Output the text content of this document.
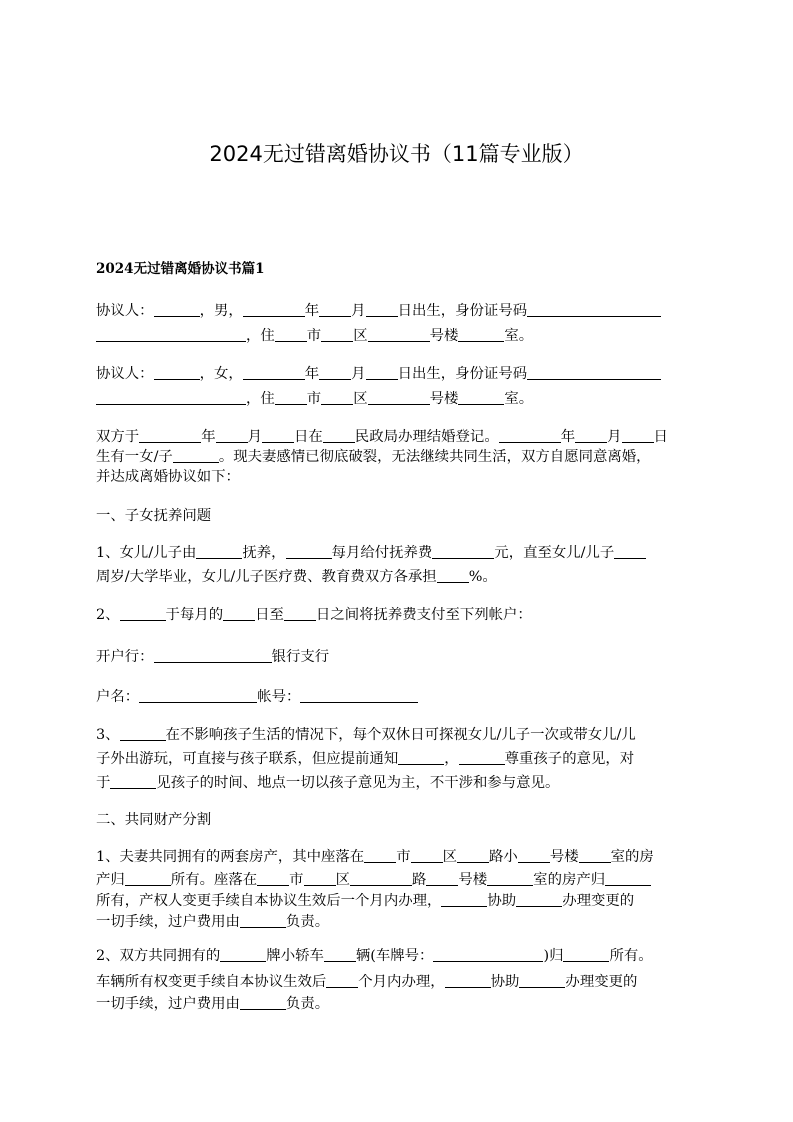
2024无过错离婚协议书（11篇专业版）
2024无过错离婚协议书篇1
协议人：	，男，	年 月 日出生，身份证号码
，住 市 区	号楼	室。
协议人：	，女，	年 月 日出生，身份证号码
，住 市 区	号楼	室。
双方于	年 月 日在 民政局办理结婚登记。	年 月 日
生有一女/子	。现夫妻感情已彻底破裂，无法继续共同生活，双方自愿同意离婚，
并达成离婚协议如下：
一、子女抚养问题
1、女儿/儿子由	抚养，	每月给付抚养费	元，直至女儿/儿子
周岁/大学毕业，女儿/儿子医疗费、教育费双方各承担 %。
2、	于每月的 日至 日之间将抚养费支付至下列帐户：
开户行：	银行支行
户名：	帐号：
3、	在不影响孩子生活的情况下，每个双休日可探视女儿/儿子一次或带女儿/儿
子外出游玩，可直接与孩子联系，但应提前通知	，	尊重孩子的意见，对
于	见孩子的时间、地点一切以孩子意见为主，不干涉和参与意见。
二、共同财产分割
1、夫妻共同拥有的两套房产，其中座落在 市 区 路小 号楼 室的房
产归	所有。座落在 市 区	路 号楼	室的房产归
所有，产权人变更手续自本协议生效后一个月内办理，	协助	办理变更的
一切手续，过户费用由	负责。
2、双方共同拥有的	牌小轿车 辆(车牌号：	)归	所有。
车辆所有权变更手续自本协议生效后 个月内办理，	协助	办理变更的
一切手续，过户费用由	负责。
